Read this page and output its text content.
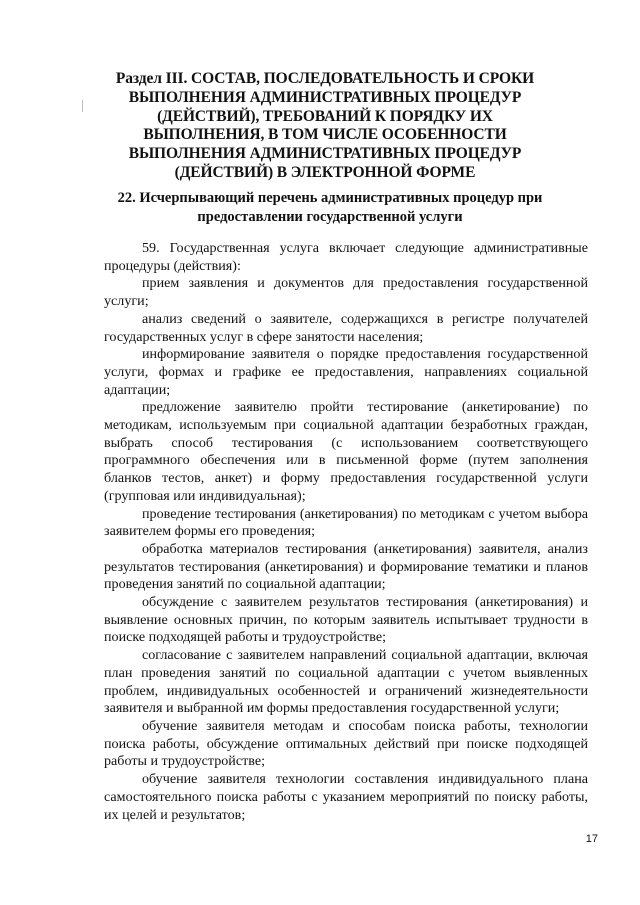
Раздел III. СОСТАВ, ПОСЛЕДОВАТЕЛЬНОСТЬ И СРОКИ ВЫПОЛНЕНИЯ АДМИНИСТРАТИВНЫХ ПРОЦЕДУР (ДЕЙСТВИЙ), ТРЕБОВАНИЙ К ПОРЯДКУ ИХ ВЫПОЛНЕНИЯ, В ТОМ ЧИСЛЕ ОСОБЕННОСТИ ВЫПОЛНЕНИЯ АДМИНИСТРАТИВНЫХ ПРОЦЕДУР (ДЕЙСТВИЙ) В ЭЛЕКТРОННОЙ ФОРМЕ
22. Исчерпывающий перечень административных процедур при предоставлении государственной услуги

59. Государственная услуга включает следующие административные процедуры (действия):

прием заявления и документов для предоставления государственной услуги;

анализ сведений о заявителе, содержащихся в регистре получателей государственных услуг в сфере занятости населения;

информирование заявителя о порядке предоставления государственной услуги, формах и графике ее предоставления, направлениях социальной адаптации;

предложение заявителю пройти тестирование (анкетирование) по методикам, используемым при социальной адаптации безработных граждан, выбрать способ тестирования (с использованием соответствующего программного обеспечения или в письменной форме (путем заполнения бланков тестов, анкет) и форму предоставления государственной услуги (групповая или индивидуальная);

проведение тестирования (анкетирования) по методикам с учетом выбора заявителем формы его проведения;

обработка материалов тестирования (анкетирования) заявителя, анализ результатов тестирования (анкетирования) и формирование тематики и планов проведения занятий по социальной адаптации;

обсуждение с заявителем результатов тестирования (анкетирования) и выявление основных причин, по которым заявитель испытывает трудности в поиске подходящей работы и трудоустройстве;

согласование с заявителем направлений социальной адаптации, включая план проведения занятий по социальной адаптации с учетом выявленных проблем, индивидуальных особенностей и ограничений жизнедеятельности заявителя и выбранной им формы предоставления государственной услуги;

обучение заявителя методам и способам поиска работы, технологии поиска работы, обсуждение оптимальных действий при поиске подходящей работы и трудоустройстве;

обучение заявителя технологии составления индивидуального плана самостоятельного поиска работы с указанием мероприятий по поиску работы, их целей и результатов;

17
